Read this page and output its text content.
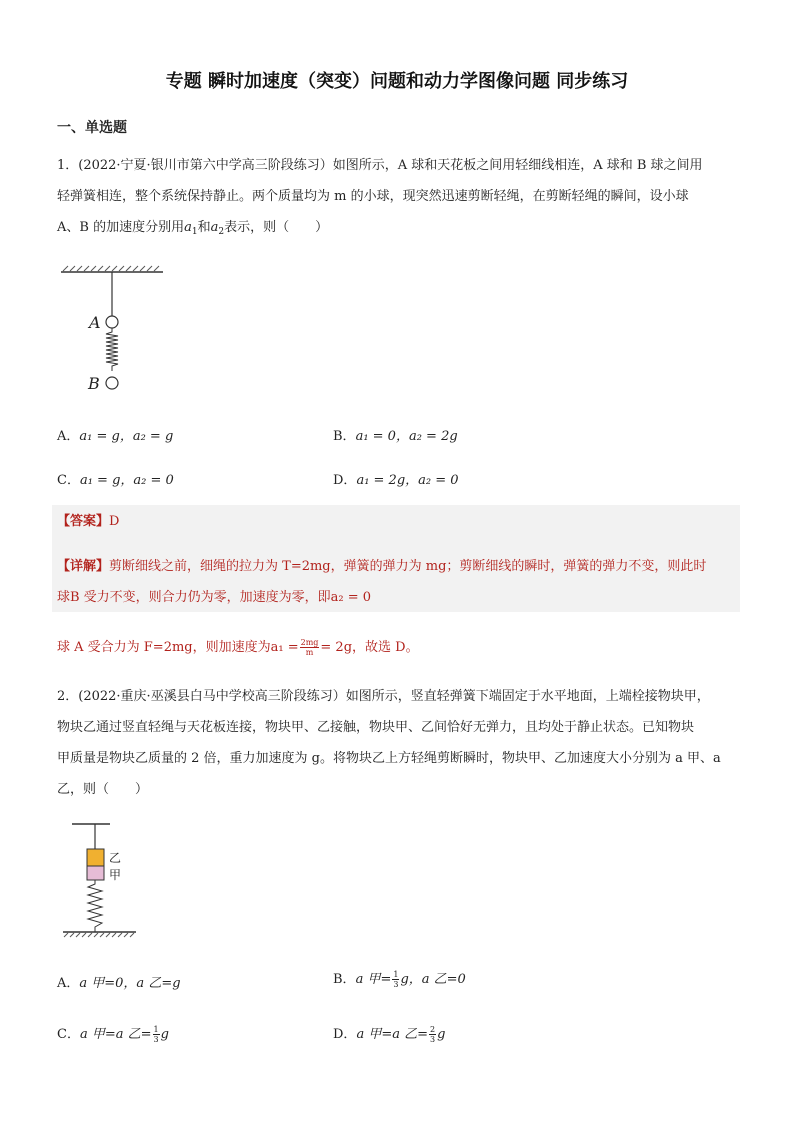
专题 瞬时加速度（突变）问题和动力学图像问题 同步练习
一、单选题
1．(2022·宁夏·银川市第六中学高三阶段练习）如图所示，A 球和天花板之间用轻细线相连，A 球和 B 球之间用
轻弹簧相连，整个系统保持静止。两个质量均为 m 的小球，现突然迅速剪断轻绳，在剪断轻绳的瞬间，设小球
A、B 的加速度分别用$a_1$和$a_2$表示，则（　　）
A
B
A．a₁ = g，a₂ = g	B．a₁ = 0，a₂ = 2g
C．a₁ = g，a₂ = 0	D．a₁ = 2g，a₂ = 0
【答案】D
【详解】剪断细线之前，细绳的拉力为 T=2mg，弹簧的弹力为 mg；剪断细线的瞬时，弹簧的弹力不变，则此时
球B 受力不变，则合力仍为零，加速度为零，即a₂ = 0
球 A 受合力为 F=2mg，则加速度为$a_1 = \frac{2mg}{m} = 2g$，故选 D。
2．(2022·重庆·巫溪县白马中学校高三阶段练习）如图所示，竖直轻弹簧下端固定于水平地面，上端栓接物块甲，
物块乙通过竖直轻绳与天花板连接，物块甲、乙接触，物块甲、乙间恰好无弹力，且均处于静止状态。已知物块
甲质量是物块乙质量的 2 倍，重力加速度为 g。将物块乙上方轻绳剪断瞬时，物块甲、乙加速度大小分别为 a 甲、a
乙，则（　　）
乙
甲
A．a 甲=0，a 乙=g	B．a 甲= $\frac{1}{3}$ g，a 乙=0
C．a 甲=a 乙= $\frac{1}{3}$ g	D．a 甲=a 乙= $\frac{2}{3}$ g
